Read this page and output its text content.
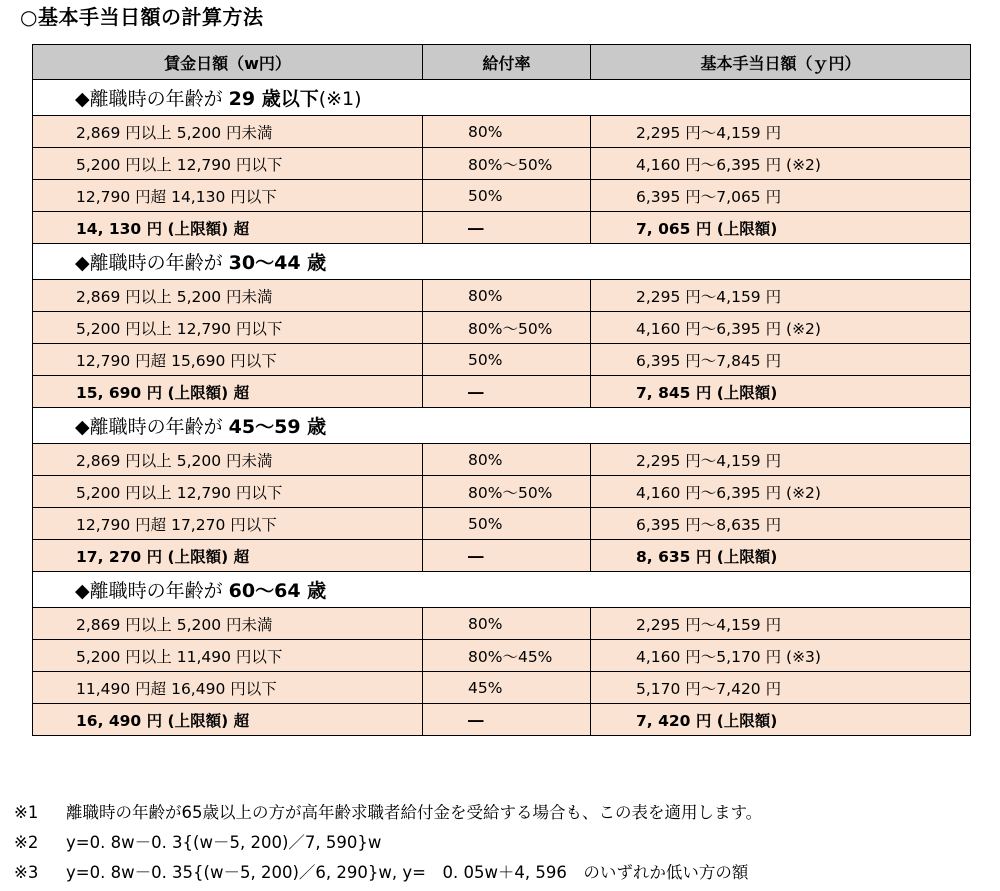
○基本手当日額の計算方法
賃金日額（w円）	給付率	基本手当日額（ｙ円）
◆離職時の年齢が 29 歳以下(※1)		
2,869 円以上 5,200 円未満	80%	2,295 円～4,159 円
5,200 円以上 12,790 円以下	80%～50%	4,160 円～6,395 円 (※2)
12,790 円超 14,130 円以下	50%	6,395 円～7,065 円
14, 130 円 (上限額) 超	―	7, 065 円 (上限額)
◆離職時の年齢が 30～44 歳		
2,869 円以上 5,200 円未満	80%	2,295 円～4,159 円
5,200 円以上 12,790 円以下	80%～50%	4,160 円～6,395 円 (※2)
12,790 円超 15,690 円以下	50%	6,395 円～7,845 円
15, 690 円 (上限額) 超	―	7, 845 円 (上限額)
◆離職時の年齢が 45～59 歳		
2,869 円以上 5,200 円未満	80%	2,295 円～4,159 円
5,200 円以上 12,790 円以下	80%～50%	4,160 円～6,395 円 (※2)
12,790 円超 17,270 円以下	50%	6,395 円～8,635 円
17, 270 円 (上限額) 超	―	8, 635 円 (上限額)
◆離職時の年齢が 60～64 歳		
2,869 円以上 5,200 円未満	80%	2,295 円～4,159 円
5,200 円以上 11,490 円以下	80%～45%	4,160 円～5,170 円 (※3)
11,490 円超 16,490 円以下	45%	5,170 円～7,420 円
16, 490 円 (上限額) 超	―	7, 420 円 (上限額)
※1 離職時の年齢が65歳以上の方が高年齢求職者給付金を受給する場合も、この表を適用します。
※2 y=0. 8w－0. 3{(w－5, 200)／7, 590}w
※3 y=0. 8w－0. 35{(w－5, 200)／6, 290}w, y=　0. 05w＋4, 596　のいずれか低い方の額
